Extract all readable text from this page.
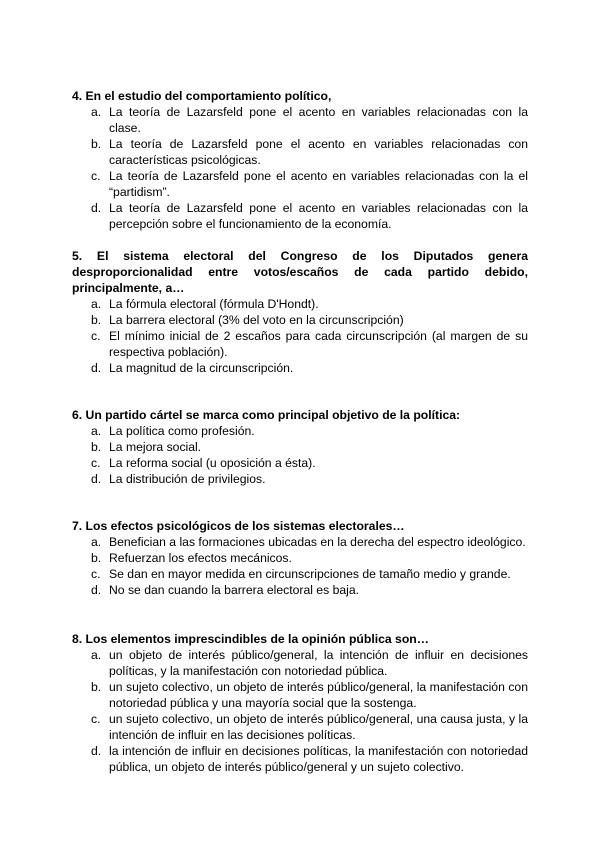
4. En el estudio del comportamiento político,

a. La teoría de Lazarsfeld pone el acento en variables relacionadas con la clase.
b. La teoría de Lazarsfeld pone el acento en variables relacionadas con características psicológicas.
c. La teoría de Lazarsfeld pone el acento en variables relacionadas con la el “partidism”.
d. La teoría de Lazarsfeld pone el acento en variables relacionadas con la percepción sobre el funcionamiento de la economía.

5. El sistema electoral del Congreso de los Diputados genera desproporcionalidad entre votos/escaños de cada partido debido, principalmente, a…

a. La fórmula electoral (fórmula D'Hondt).
b. La barrera electoral (3% del voto en la circunscripción)
c. El mínimo inicial de 2 escaños para cada circunscripción (al margen de su respectiva población).
d. La magnitud de la circunscripción.

6. Un partido cártel se marca como principal objetivo de la política:

a. La política como profesión.
b. La mejora social.
c. La reforma social (u oposición a ésta).
d. La distribución de privilegios.

7. Los efectos psicológicos de los sistemas electorales…

a. Benefician a las formaciones ubicadas en la derecha del espectro ideológico.
b. Refuerzan los efectos mecánicos.
c. Se dan en mayor medida en circunscripciones de tamaño medio y grande.
d. No se dan cuando la barrera electoral es baja.

8. Los elementos imprescindibles de la opinión pública son…

a. un objeto de interés público/general, la intención de influir en decisiones políticas, y la manifestación con notoriedad pública.
b. un sujeto colectivo, un objeto de interés público/general, la manifestación con notoriedad pública y una mayoría social que la sostenga.
c. un sujeto colectivo, un objeto de interés público/general, una causa justa, y la intención de influir en las decisiones políticas.
d. la intención de influir en decisiones políticas, la manifestación con notoriedad pública, un objeto de interés público/general y un sujeto colectivo.
